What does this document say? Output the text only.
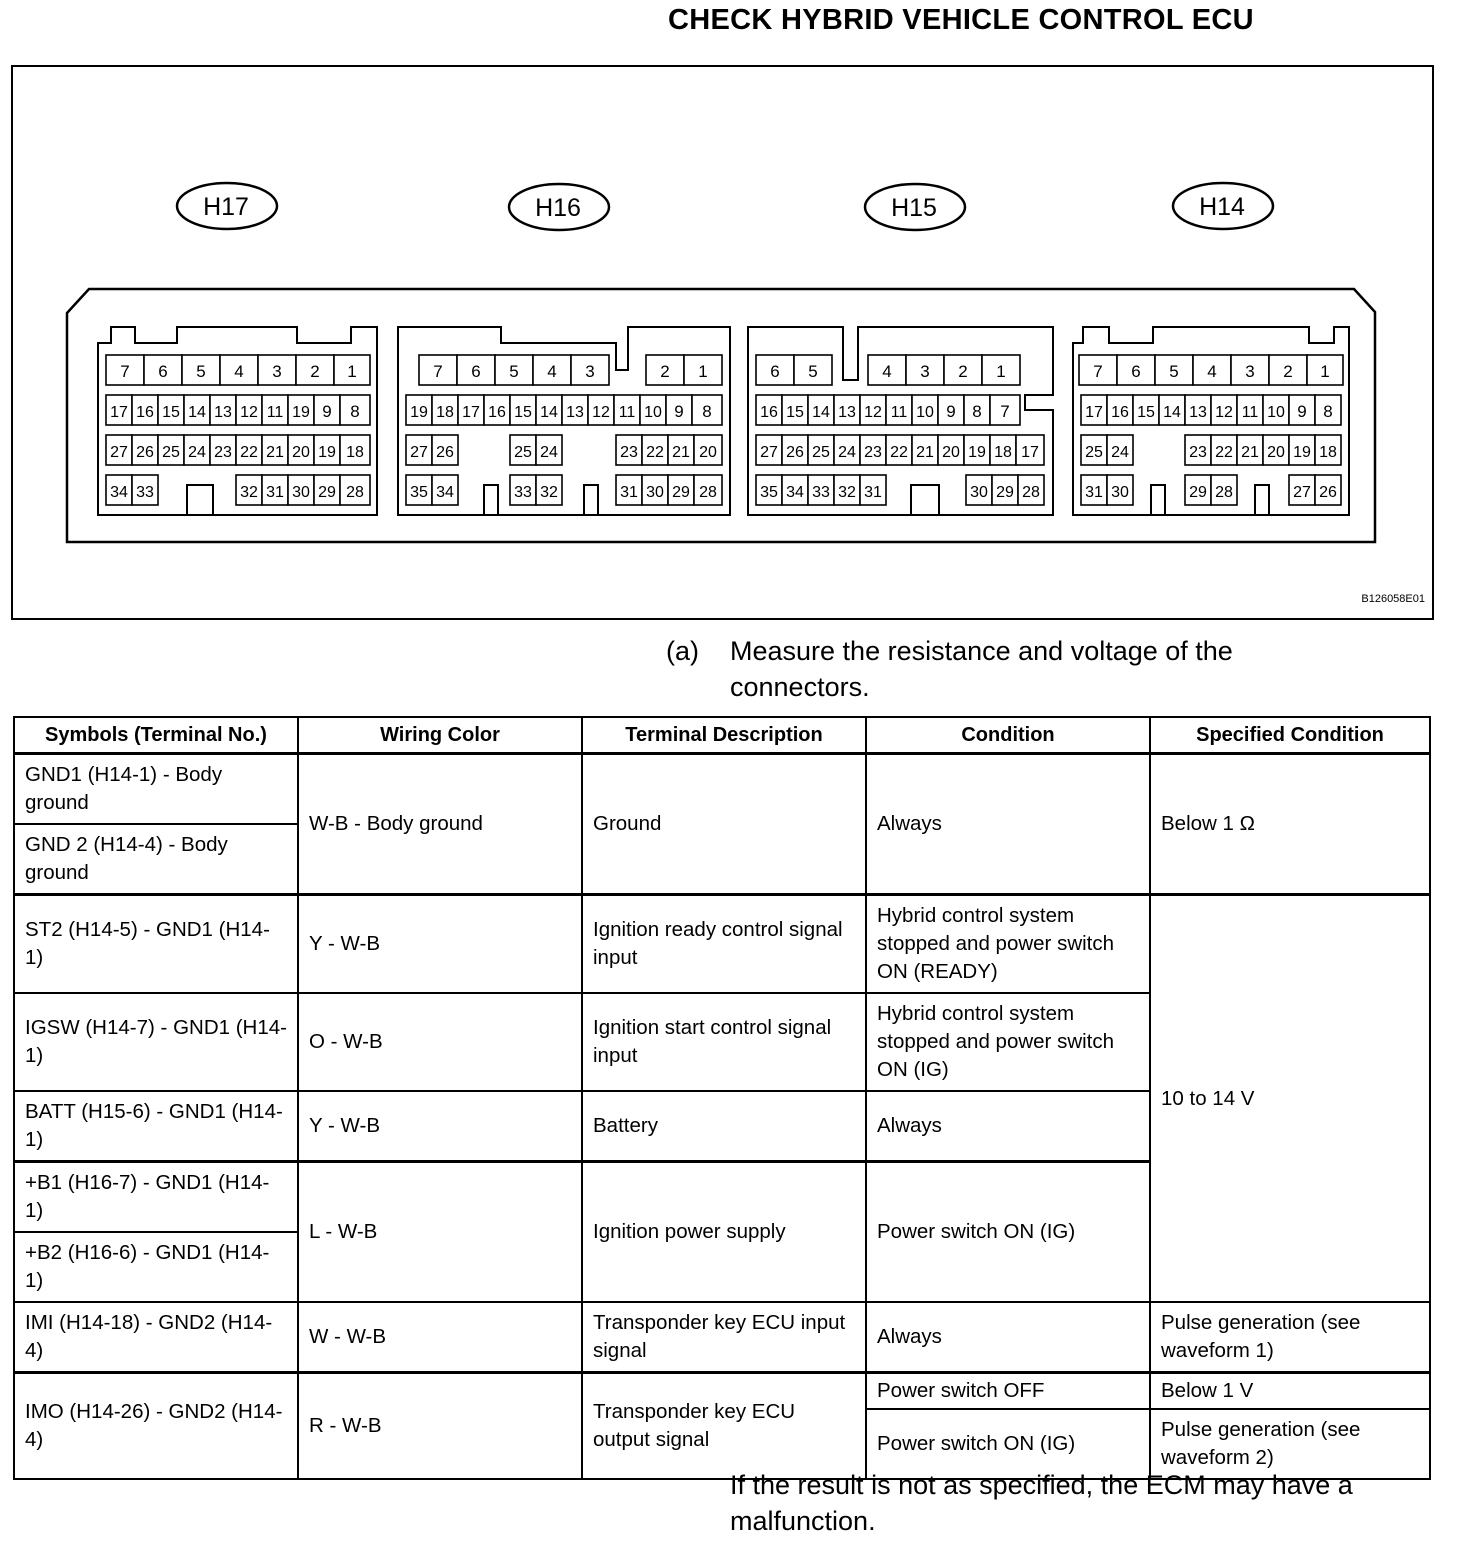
CHECK HYBRID VEHICLE CONTROL ECU
H17	H16	H15	H14
7 6 5 4 3 2 1
17 16 15 14 13 12 11 19 9 8
27 26 25 24 23 22 21 20 19 18
34 33	32 31 30 29 28
7 6 5 4 3	2 1
19 18 17 16 15 14 13 12 11 10 9 8
27 26	25 24	23 22 21 20
35 34	33 32	31 30 29 28
6 5	4 3 2 1
16 15 14 13 12 11 10 9 8 7
27 26 25 24 23 22 21 20 19 18 17
35 34 33 32 31	30 29 28
7 6 5 4 3 2 1
17 16 15 14 13 12 11 10 9 8
25 24	23 22 21 20 19 18
31 30	29 28	27 26
B126058E01
(a) Measure the resistance and voltage of the connectors.
Symbols (Terminal No.)	Wiring Color	Terminal Description	Condition	Specified Condition
GND1 (H14-1) - Body ground	W-B - Body ground	Ground	Always	Below 1 Ω
GND 2 (H14-4) - Body ground				
ST2 (H14-5) - GND1 (H14-1)	Y - W-B	Ignition ready control signal input	Hybrid control system stopped and power switch ON (READY)	10 to 14 V
IGSW (H14-7) - GND1 (H14-1)	O - W-B	Ignition start control signal input	Hybrid control system stopped and power switch ON (IG)	
BATT (H15-6) - GND1 (H14-1)	Y - W-B	Battery	Always	
+B1 (H16-7) - GND1 (H14-1)	L - W-B	Ignition power supply	Power switch ON (IG)	
+B2 (H16-6) - GND1 (H14-1)				
IMI (H14-18) - GND2 (H14-4)	W - W-B	Transponder key ECU input signal	Always	Pulse generation (see waveform 1)
IMO (H14-26) - GND2 (H14-4)	R - W-B	Transponder key ECU output signal	Power switch OFF	Below 1 V
			Power switch ON (IG)	Pulse generation (see waveform 2)
If the result is not as specified, the ECM may have a malfunction.
